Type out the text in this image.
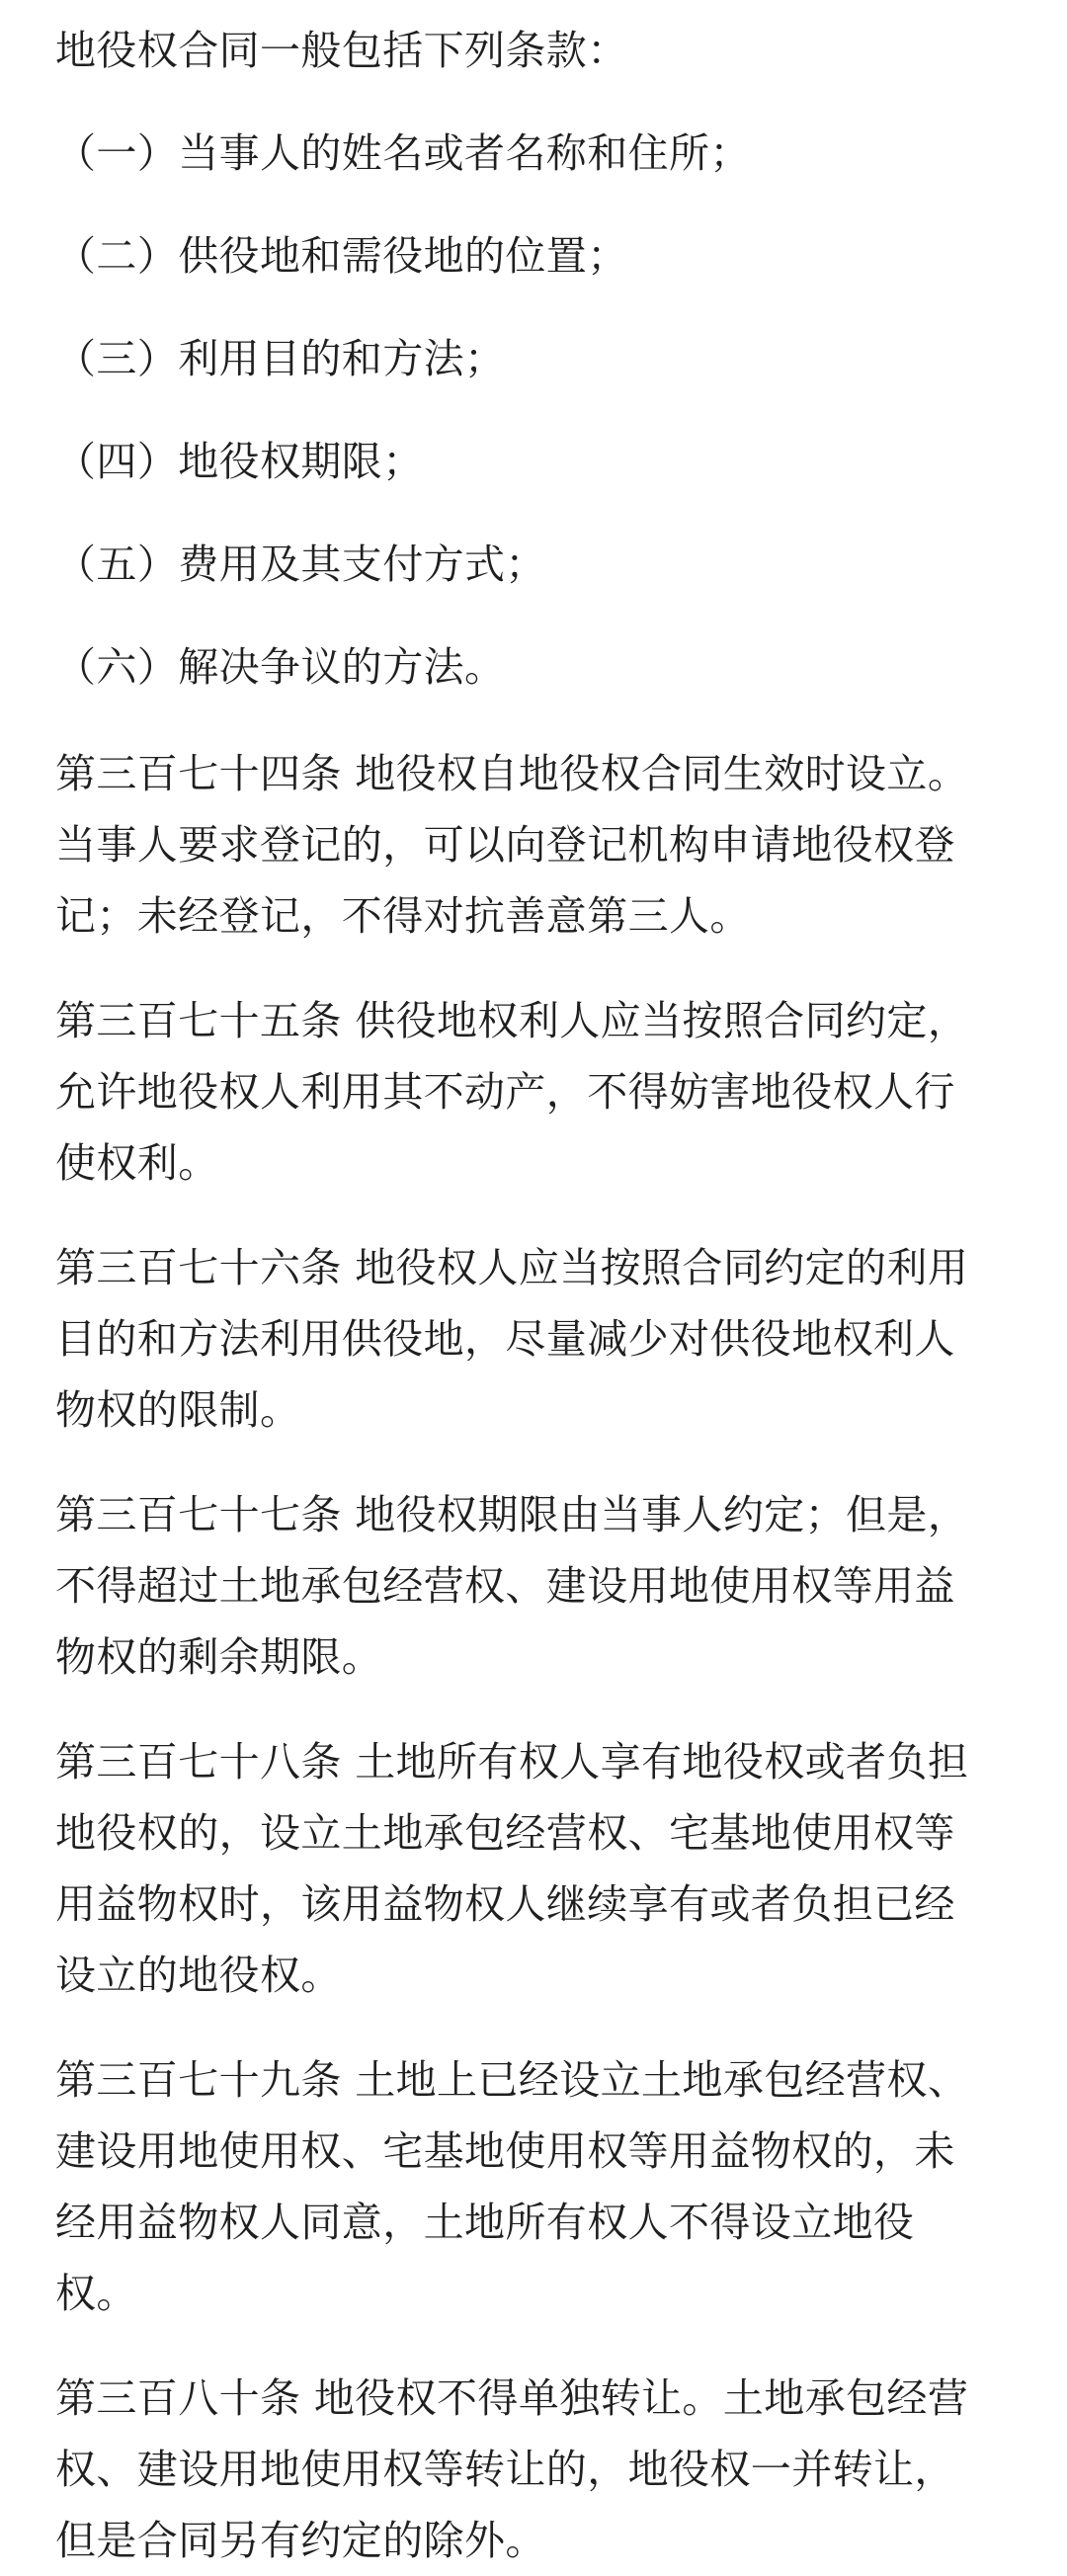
地役权合同一般包括下列条款：
（一）当事人的姓名或者名称和住所；
（二）供役地和需役地的位置；
（三）利用目的和方法；
（四）地役权期限；
（五）费用及其支付方式；
（六）解决争议的方法。
第三百七十四条 地役权自地役权合同生效时设立。
当事人要求登记的，可以向登记机构申请地役权登
记；未经登记，不得对抗善意第三人。
第三百七十五条 供役地权利人应当按照合同约定，
允许地役权人利用其不动产，不得妨害地役权人行
使权利。
第三百七十六条 地役权人应当按照合同约定的利用
目的和方法利用供役地，尽量减少对供役地权利人
物权的限制。
第三百七十七条 地役权期限由当事人约定；但是，
不得超过土地承包经营权、建设用地使用权等用益
物权的剩余期限。
第三百七十八条 土地所有权人享有地役权或者负担
地役权的，设立土地承包经营权、宅基地使用权等
用益物权时，该用益物权人继续享有或者负担已经
设立的地役权。
第三百七十九条 土地上已经设立土地承包经营权、
建设用地使用权、宅基地使用权等用益物权的，未
经用益物权人同意，土地所有权人不得设立地役
权。
第三百八十条 地役权不得单独转让。土地承包经营
权、建设用地使用权等转让的，地役权一并转让，
但是合同另有约定的除外。
